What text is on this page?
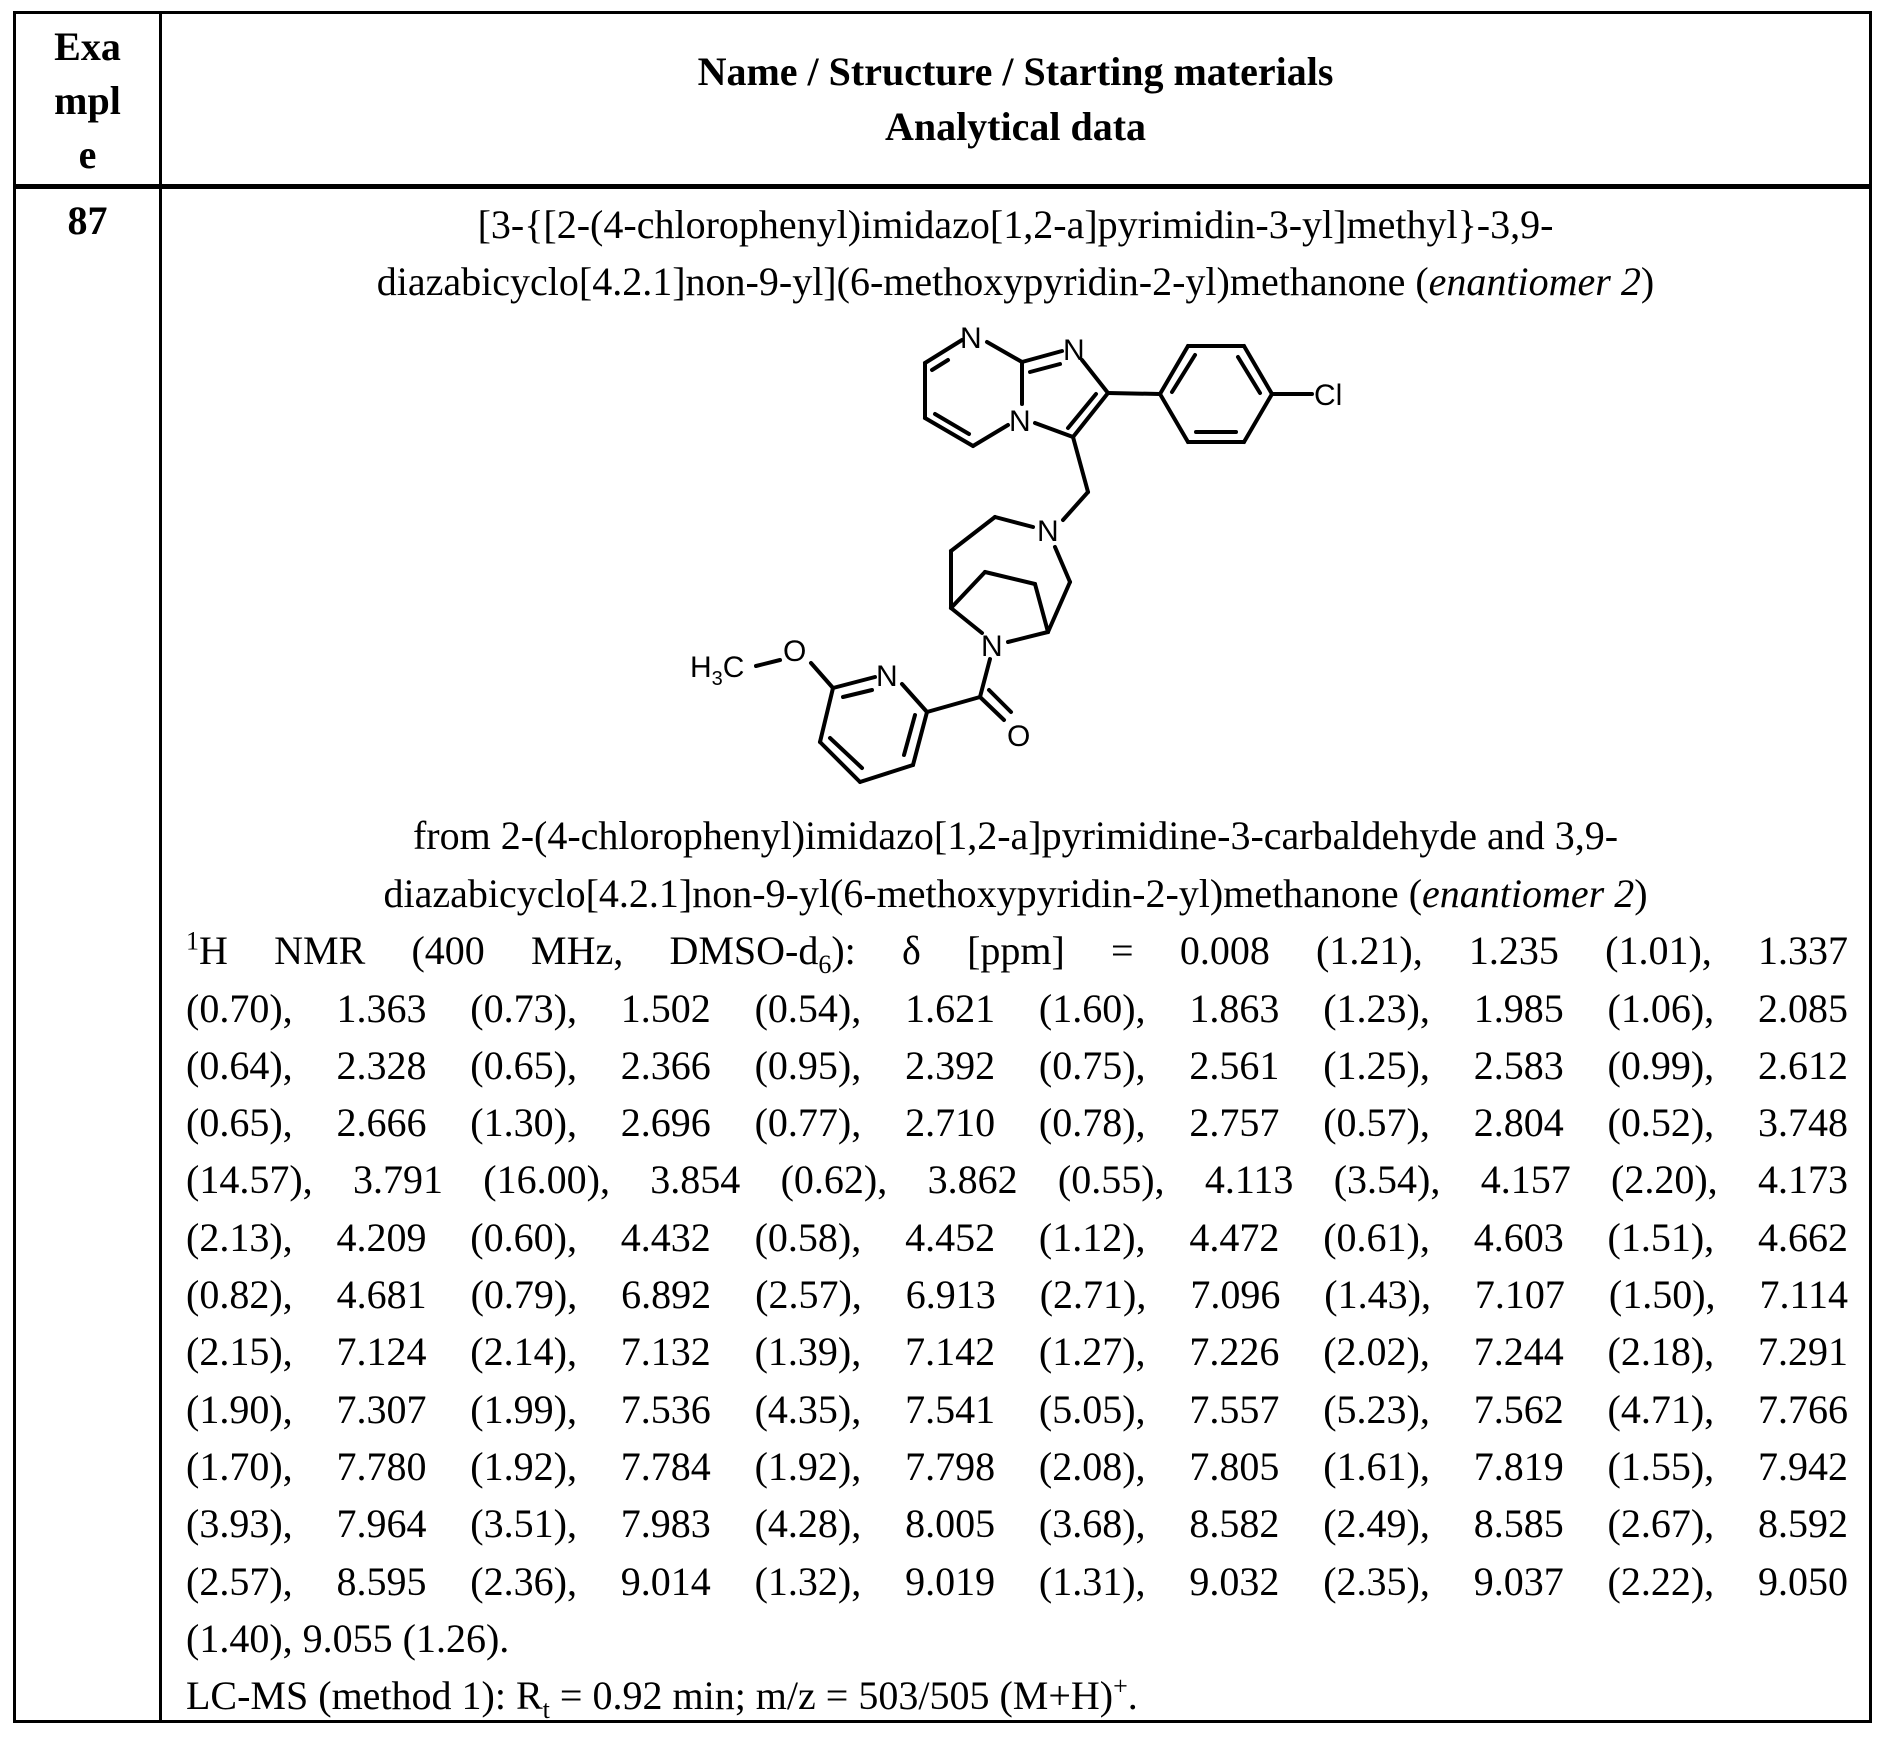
Exa
mpl
e
Name / Structure / Starting materials
Analytical data
87	[3-{[2-(4-chlorophenyl)imidazo[1,2-a]pyrimidin-3-yl]methyl}-3,9-
diazabicyclo[4.2.1]non-9-yl](6-methoxypyridin-2-yl)methanone (enantiomer 2)
N	N
N
N
N
N
O
O
Cl
$H_3C$
from 2-(4-chlorophenyl)imidazo[1,2-a]pyrimidine-3-carbaldehyde and 3,9-
diazabicyclo[4.2.1]non-9-yl(6-methoxypyridin-2-yl)methanone (enantiomer 2)
$^1$H NMR (400 MHz, DMSO-$d_6$): δ [ppm] = 0.008 (1.21), 1.235 (1.01), 1.337
(0.70), 1.363 (0.73), 1.502 (0.54), 1.621 (1.60), 1.863 (1.23), 1.985 (1.06), 2.085
(0.64), 2.328 (0.65), 2.366 (0.95), 2.392 (0.75), 2.561 (1.25), 2.583 (0.99), 2.612
(0.65), 2.666 (1.30), 2.696 (0.77), 2.710 (0.78), 2.757 (0.57), 2.804 (0.52), 3.748
(14.57), 3.791 (16.00), 3.854 (0.62), 3.862 (0.55), 4.113 (3.54), 4.157 (2.20), 4.173
(2.13), 4.209 (0.60), 4.432 (0.58), 4.452 (1.12), 4.472 (0.61), 4.603 (1.51), 4.662
(0.82), 4.681 (0.79), 6.892 (2.57), 6.913 (2.71), 7.096 (1.43), 7.107 (1.50), 7.114
(2.15), 7.124 (2.14), 7.132 (1.39), 7.142 (1.27), 7.226 (2.02), 7.244 (2.18), 7.291
(1.90), 7.307 (1.99), 7.536 (4.35), 7.541 (5.05), 7.557 (5.23), 7.562 (4.71), 7.766
(1.70), 7.780 (1.92), 7.784 (1.92), 7.798 (2.08), 7.805 (1.61), 7.819 (1.55), 7.942
(3.93), 7.964 (3.51), 7.983 (4.28), 8.005 (3.68), 8.582 (2.49), 8.585 (2.67), 8.592
(2.57), 8.595 (2.36), 9.014 (1.32), 9.019 (1.31), 9.032 (2.35), 9.037 (2.22), 9.050
(1.40), 9.055 (1.26).
LC-MS (method 1): $R_t = 0.92$ min; m/z = 503/505 (M+H)+.
